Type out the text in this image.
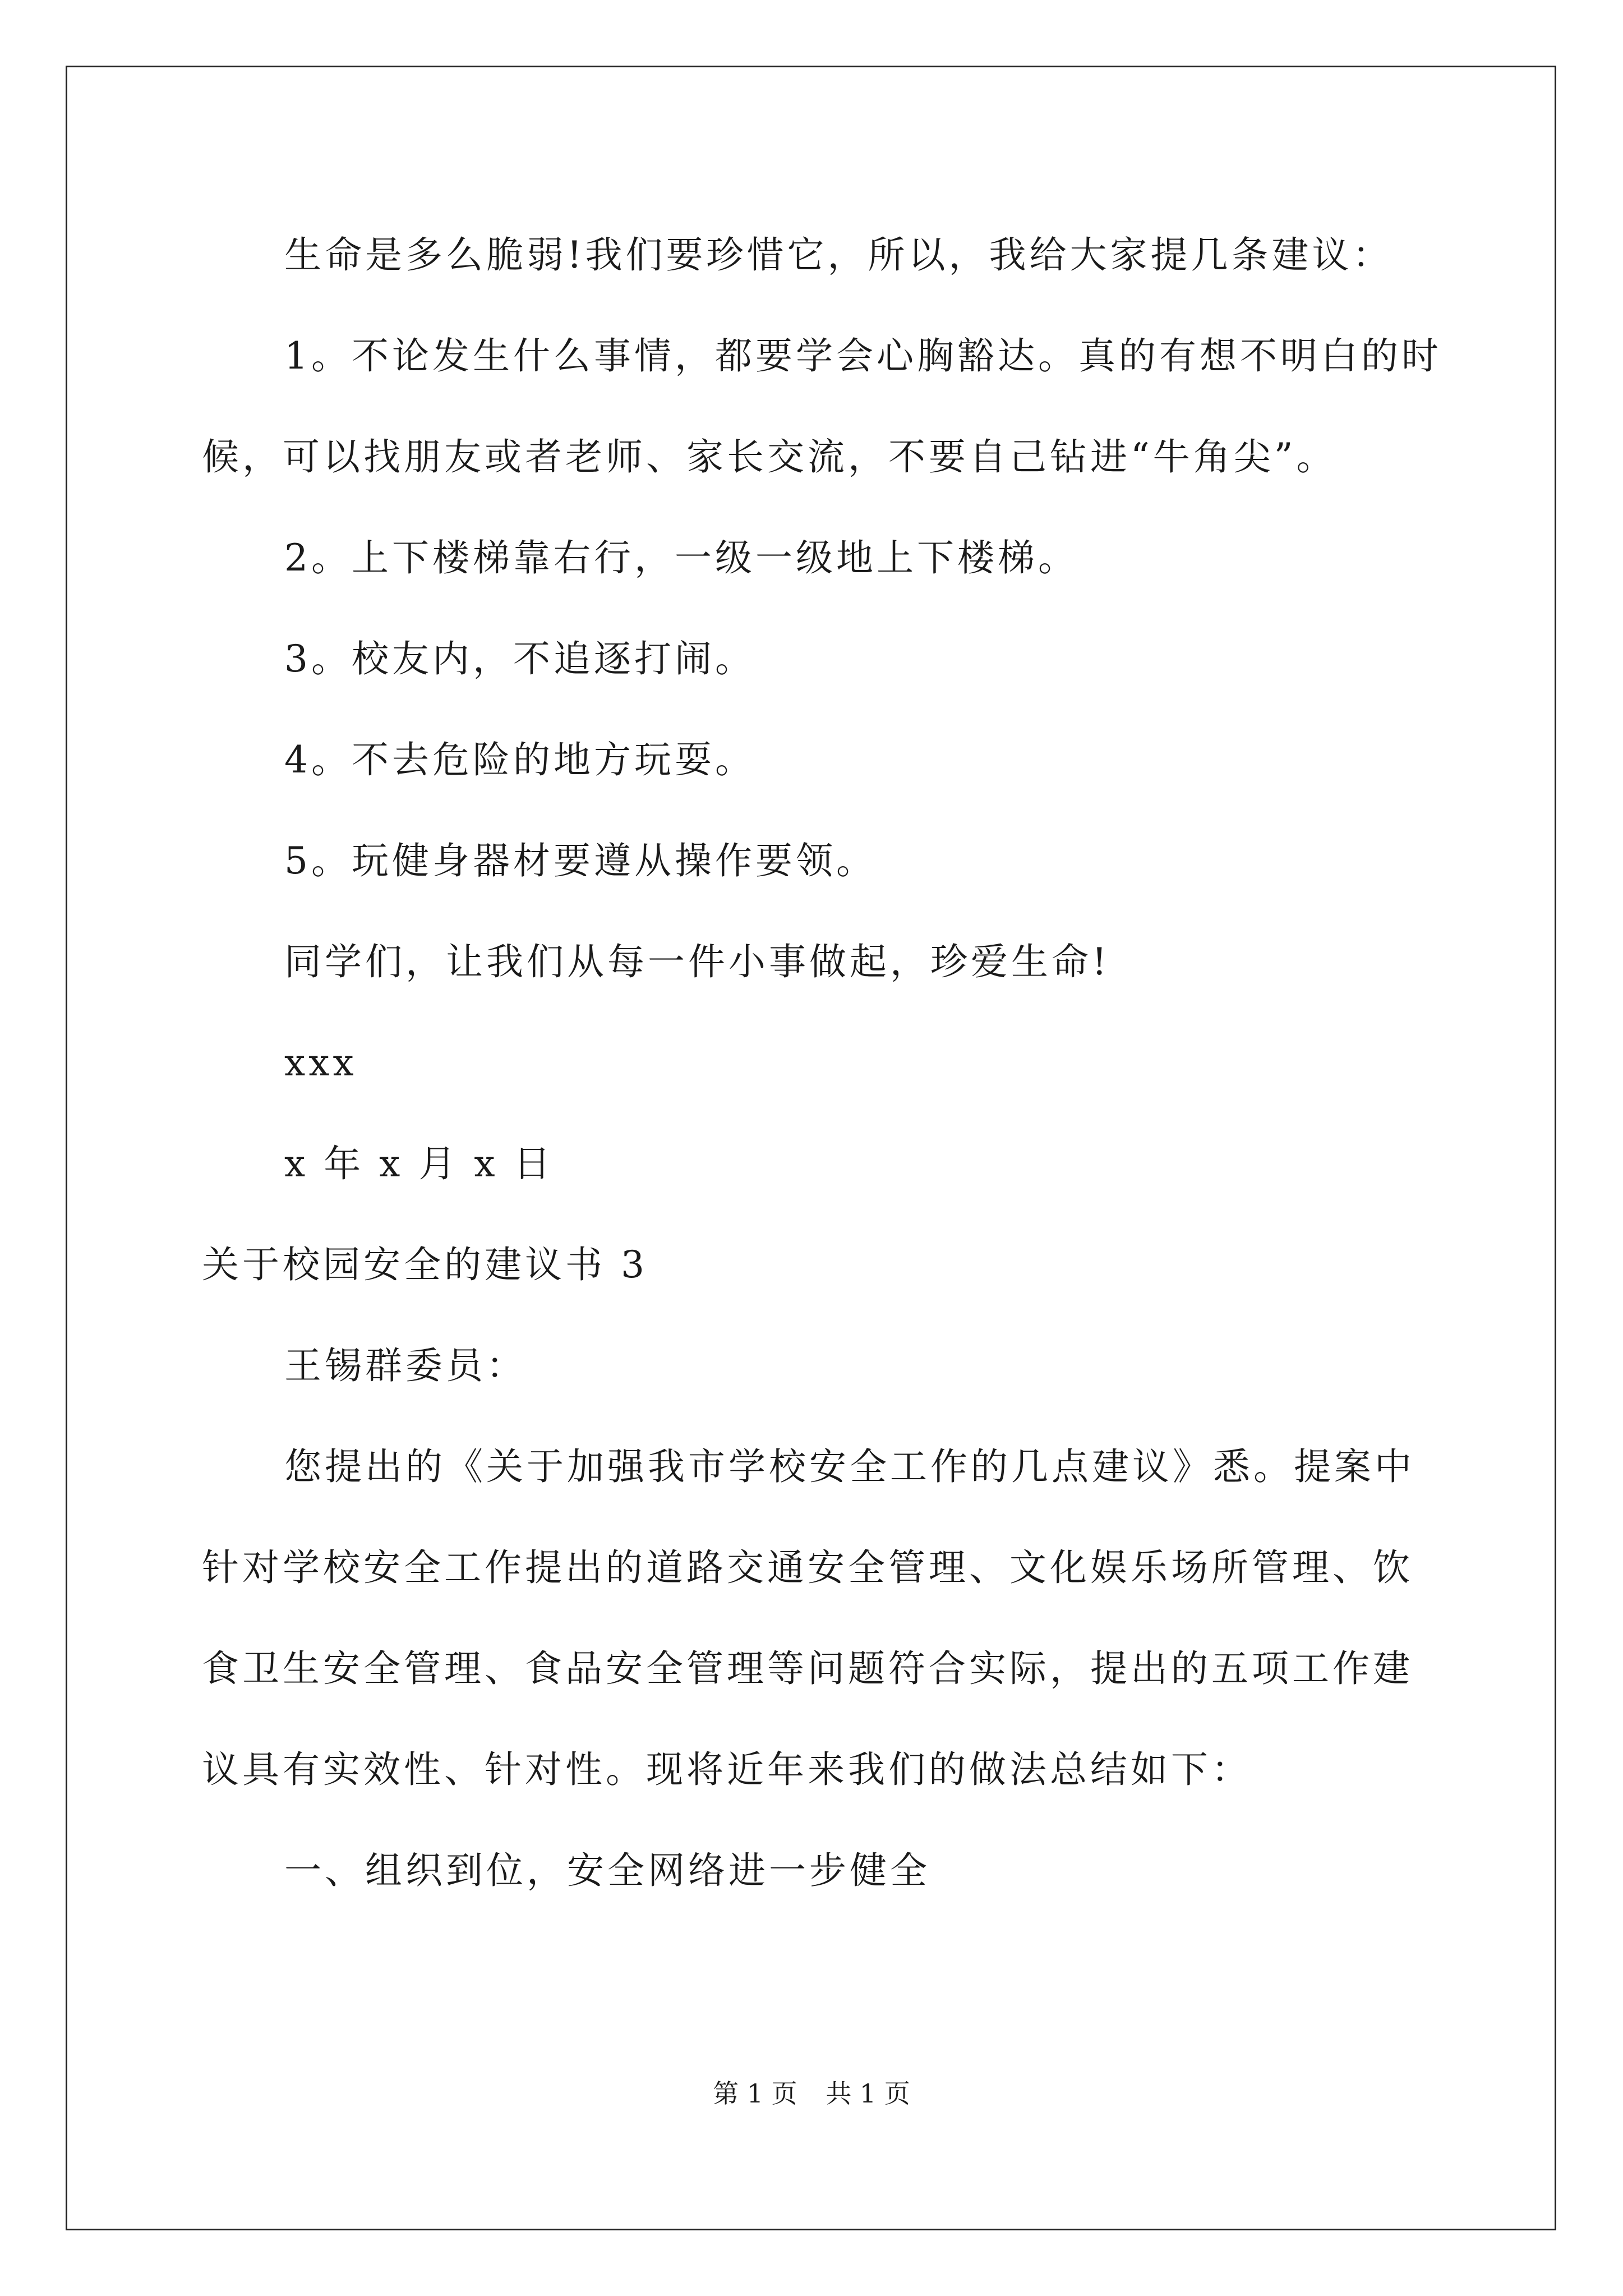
生命是多么脆弱!我们要珍惜它，所以，我给大家提几条建议：
1。不论发生什么事情，都要学会心胸豁达。真的有想不明白的时
候，可以找朋友或者老师、家长交流，不要自己钻进“牛角尖”。
2。上下楼梯靠右行，一级一级地上下楼梯。
3。校友内，不追逐打闹。
4。不去危险的地方玩耍。
5。玩健身器材要遵从操作要领。
同学们，让我们从每一件小事做起，珍爱生命!
xxx
x 年 x 月 x 日
关于校园安全的建议书 3
王锡群委员：
您提出的《关于加强我市学校安全工作的几点建议》悉。提案中
针对学校安全工作提出的道路交通安全管理、文化娱乐场所管理、饮
食卫生安全管理、食品安全管理等问题符合实际，提出的五项工作建
议具有实效性、针对性。现将近年来我们的做法总结如下：
一、组织到位，安全网络进一步健全
第 1 页 共 1 页
